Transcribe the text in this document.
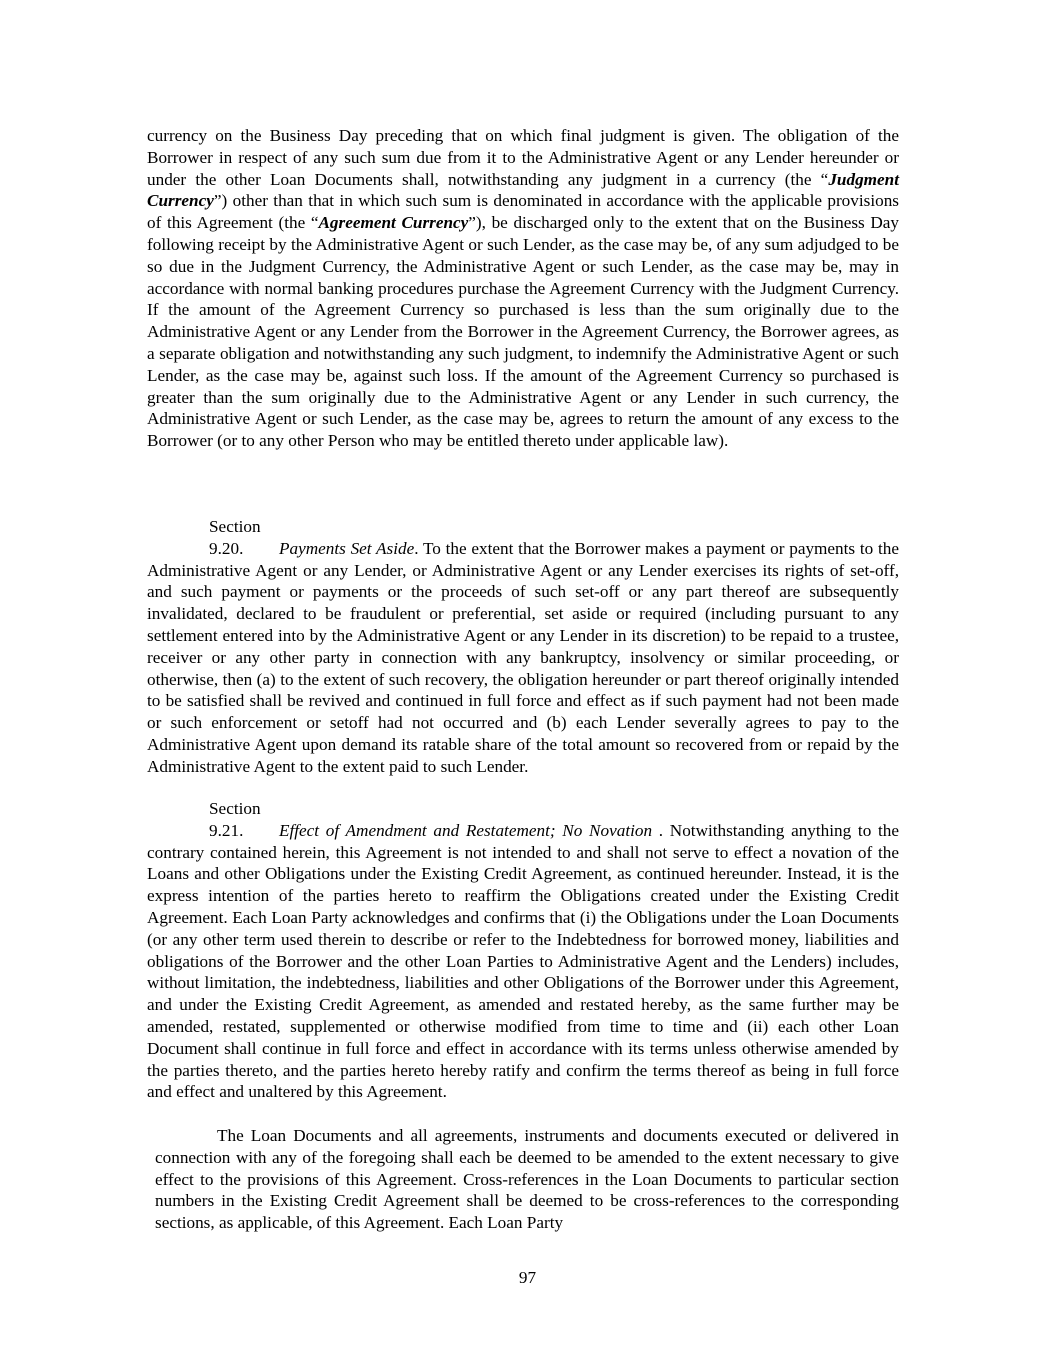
currency on the Business Day preceding that on which final judgment is given. The obligation of the Borrower in respect of any such sum due from it to the Administrative Agent or any Lender hereunder or under the other Loan Documents shall, notwithstanding any judgment in a currency (the “Judgment Currency”) other than that in which such sum is denominated in accordance with the applicable provisions of this Agreement (the “Agreement Currency”), be discharged only to the extent that on the Business Day following receipt by the Administrative Agent or such Lender, as the case may be, of any sum adjudged to be so due in the Judgment Currency, the Administrative Agent or such Lender, as the case may be, may in accordance with normal banking procedures purchase the Agreement Currency with the Judgment Currency. If the amount of the Agreement Currency so purchased is less than the sum originally due to the Administrative Agent or any Lender from the Borrower in the Agreement Currency, the Borrower agrees, as a separate obligation and notwithstanding any such judgment, to indemnify the Administrative Agent or such Lender, as the case may be, against such loss. If the amount of the Agreement Currency so purchased is greater than the sum originally due to the Administrative Agent or any Lender in such currency, the Administrative Agent or such Lender, as the case may be, agrees to return the amount of any excess to the Borrower (or to any other Person who may be entitled thereto under applicable law).

Section 9.20. Payments Set Aside. To the extent that the Borrower makes a payment or payments to the Administrative Agent or any Lender, or Administrative Agent or any Lender exercises its rights of set-off, and such payment or payments or the proceeds of such set-off or any part thereof are subsequently invalidated, declared to be fraudulent or preferential, set aside or required (including pursuant to any settlement entered into by the Administrative Agent or any Lender in its discretion) to be repaid to a trustee, receiver or any other party in connection with any bankruptcy, insolvency or similar proceeding, or otherwise, then (a) to the extent of such recovery, the obligation hereunder or part thereof originally intended to be satisfied shall be revived and continued in full force and effect as if such payment had not been made or such enforcement or setoff had not occurred and (b) each Lender severally agrees to pay to the Administrative Agent upon demand its ratable share of the total amount so recovered from or repaid by the Administrative Agent to the extent paid to such Lender.

Section 9.21. Effect of Amendment and Restatement; No Novation . Notwithstanding anything to the contrary contained herein, this Agreement is not intended to and shall not serve to effect a novation of the Loans and other Obligations under the Existing Credit Agreement, as continued hereunder. Instead, it is the express intention of the parties hereto to reaffirm the Obligations created under the Existing Credit Agreement. Each Loan Party acknowledges and confirms that (i) the Obligations under the Loan Documents (or any other term used therein to describe or refer to the Indebtedness for borrowed money, liabilities and obligations of the Borrower and the other Loan Parties to Administrative Agent and the Lenders) includes, without limitation, the indebtedness, liabilities and other Obligations of the Borrower under this Agreement, and under the Existing Credit Agreement, as amended and restated hereby, as the same further may be amended, restated, supplemented or otherwise modified from time to time and (ii) each other Loan Document shall continue in full force and effect in accordance with its terms unless otherwise amended by the parties thereto, and the parties hereto hereby ratify and confirm the terms thereof as being in full force and effect and unaltered by this Agreement.

The Loan Documents and all agreements, instruments and documents executed or delivered in connection with any of the foregoing shall each be deemed to be amended to the extent necessary to give effect to the provisions of this Agreement. Cross-references in the Loan Documents to particular section numbers in the Existing Credit Agreement shall be deemed to be cross-references to the corresponding sections, as applicable, of this Agreement. Each Loan Party

97
